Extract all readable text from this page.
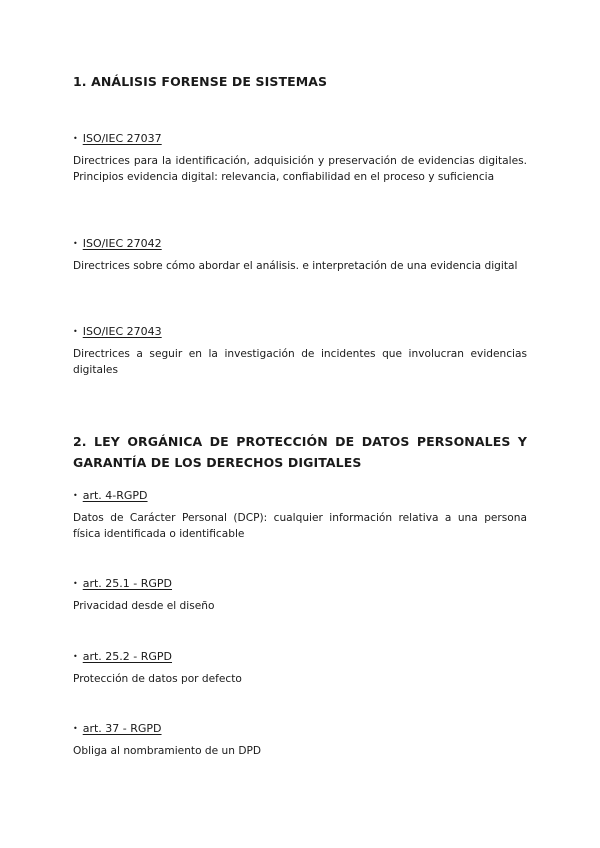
1. ANÁLISIS FORENSE DE SISTEMAS

• ISO/IEC 27037

Directrices para la identificación, adquisición y preservación de evidencias digitales. Principios evidencia digital: relevancia, confiabilidad en el proceso y suficiencia

• ISO/IEC 27042

Directrices sobre cómo abordar el análisis. e interpretación de una evidencia digital

• ISO/IEC 27043

Directrices a seguir en la investigación de incidentes que involucran evidencias digitales

2. LEY ORGÁNICA DE PROTECCIÓN DE DATOS PERSONALES Y GARANTÍA DE LOS DERECHOS DIGITALES

• art. 4-RGPD

Datos de Carácter Personal (DCP): cualquier información relativa a una persona física identificada o identificable

• art. 25.1 - RGPD

Privacidad desde el diseño

• art. 25.2 - RGPD

Protección de datos por defecto

• art. 37 - RGPD

Obliga al nombramiento de un DPD
